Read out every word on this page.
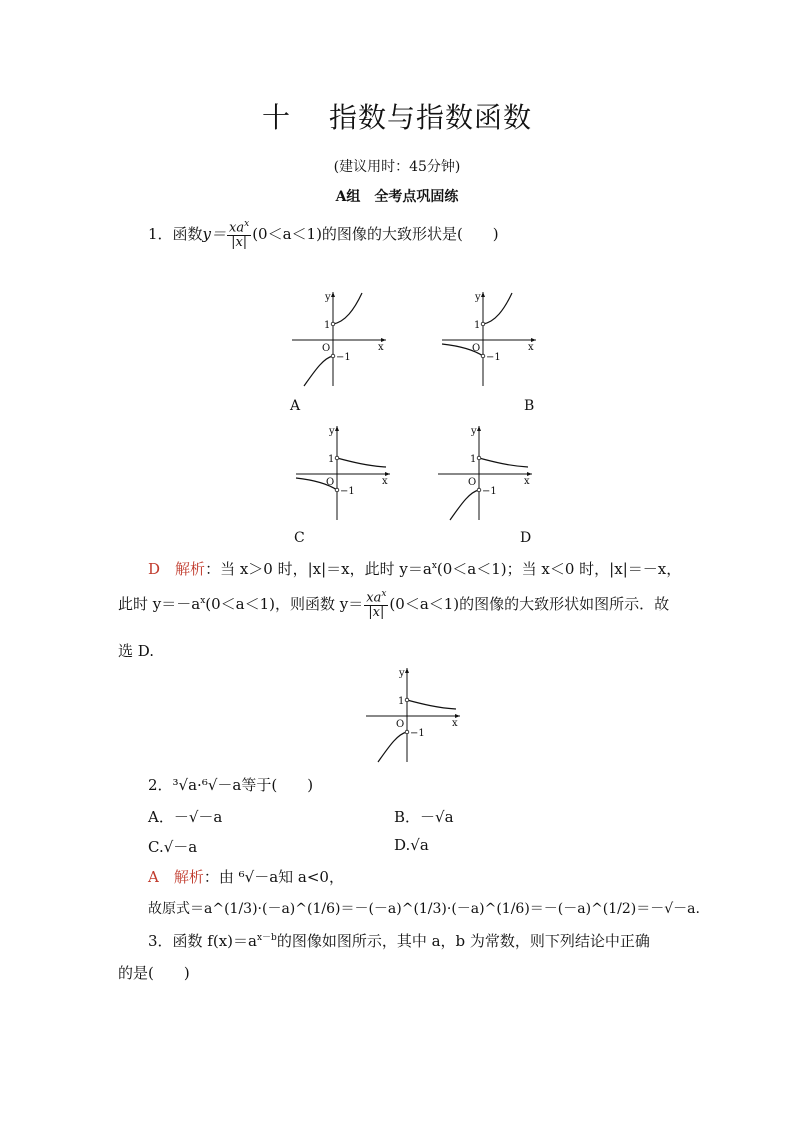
十 指数与指数函数
(建议用时：45分钟)
A组　全考点巩固练
1．函数$y= \frac{xa^x}{|x|} (0<a<1)$的图像的大致形状是(　　)
y
x
O
1
−1
A
y
x
O
1
−1
B
y
x
O
1
−1
C
y
x
O
1
−1
D
D　 解析：当 x＞0 时，|x|＝x，此时 $y=a^x(0<a<1)$；当 x＜0 时，|x|＝－x，
此时 $y=-a^x(0<a<1)$，则函数 $y= \frac{xa^x}{|x|} (0<a<1)$的图像的大致形状如图所示．故
选 D.
y
x
O
1
−1
2．³√a·⁶√－a等于(　　)
A．－√－a	B．－√a
C.√－a	D.√a
A　 解析：由 ⁶√－a知 a<0，
故原式＝a^(1/3)·(－a)^(1/6)＝－(－a)^(1/3)·(－a)^(1/6)＝－(－a)^(1/2)＝－√－a.
3．函数 $f(x)=a^{x-b}$的图像如图所示，其中 a，b 为常数，则下列结论中正确
的是(　　)
